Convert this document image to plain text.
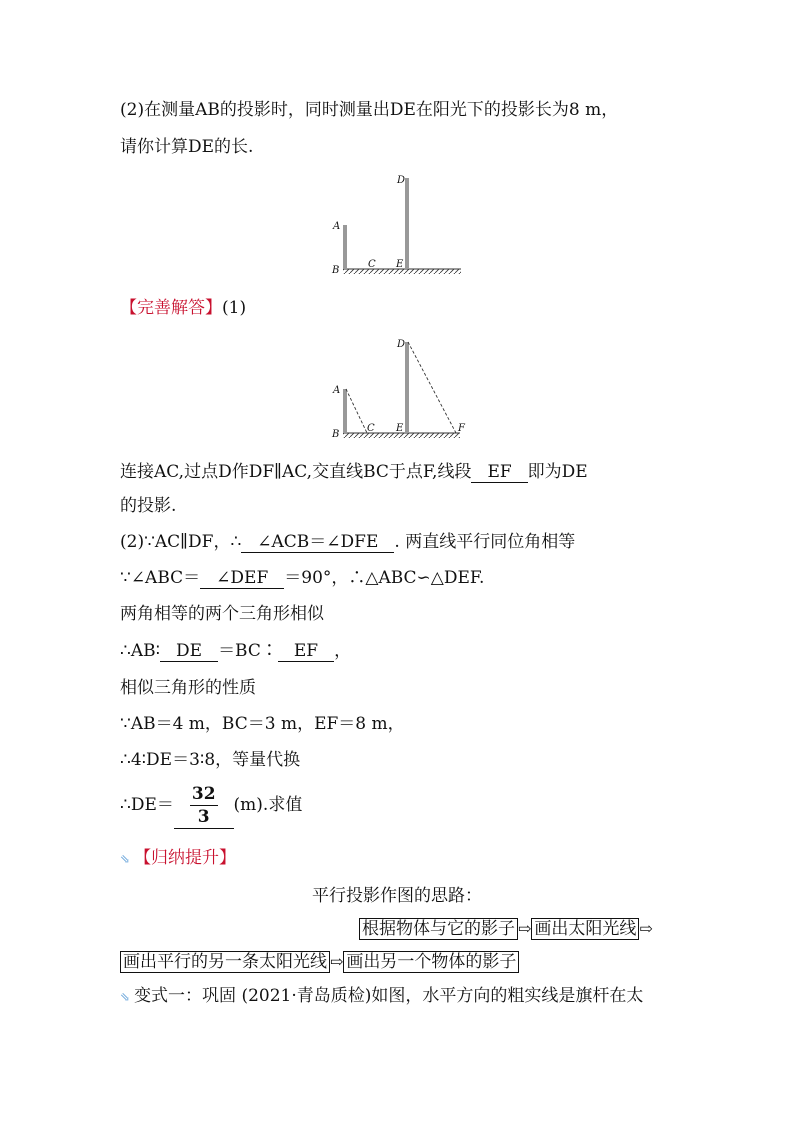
(2)在测量AB的投影时，同时测量出DE在阳光下的投影长为8 m，
请你计算DE的长.
A
B
C
D
E
【完善解答】(1)
A
B
C
D
E	F
连接AC,过点D作DF∥AC,交直线BC于点F,线段 EF 即为DE
的投影.
(2)∵AC∥DF，∴ ∠ACB＝∠DFE . 两直线平行同位角相等
∵∠ABC＝ ∠DEF ＝90°，∴△ABC∽△DEF.
两角相等的两个三角形相似
∴AB∶ DE ＝BC∶ EF ，
相似三角形的性质
∵AB＝4 m，BC＝3 m，EF＝8 m，
∴4∶DE＝3∶8，等量代换
∴DE＝ $\frac{32}{3} (m)$.求值
⇘ 【归纳提升】
平行投影作图的思路：
根据物体与它的影子 ⇨ 画出太阳光线 ⇨
画出平行的另一条太阳光线 ⇨ 画出另一个物体的影子
⇘ 变式一：巩固 (2021·青岛质检)如图，水平方向的粗实线是旗杆在太
